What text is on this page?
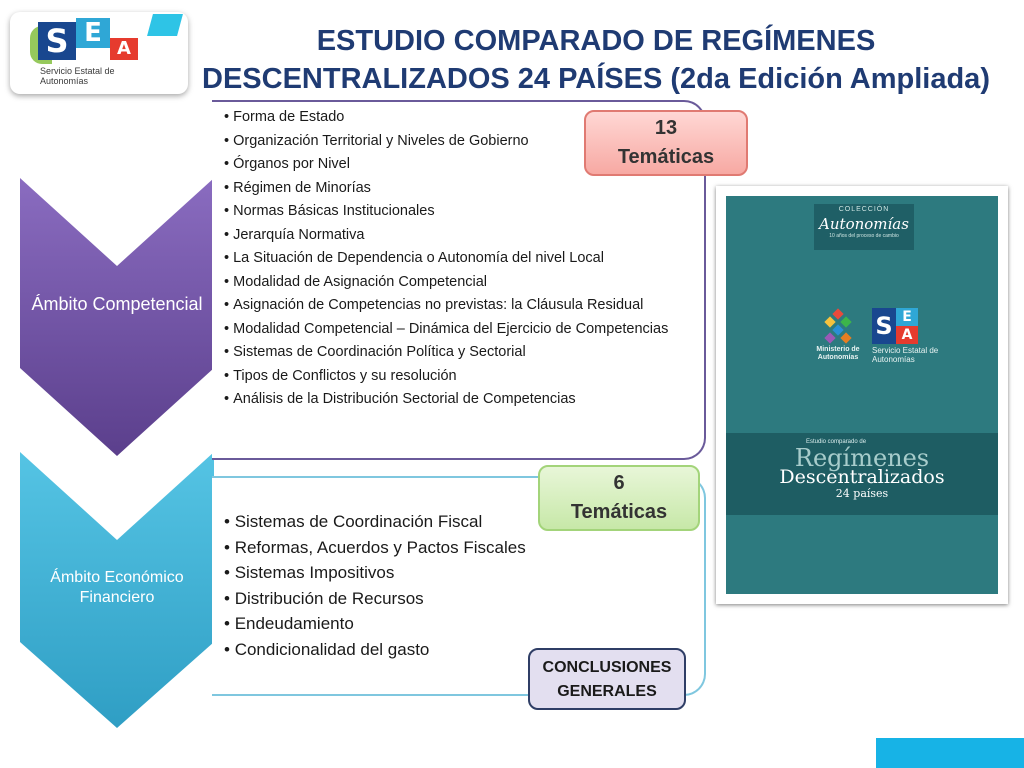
S E
A
Servicio Estatal de Autonomías
ESTUDIO COMPARADO DE REGÍMENES
DESCENTRALIZADOS 24 PAÍSES (2da Edición Ampliada)
Ámbito Competencial
Ámbito Económico Financiero
• Forma de Estado
• Organización Territorial y Niveles de Gobierno
• Órganos por Nivel
• Régimen de Minorías
• Normas Básicas Institucionales
• Jerarquía Normativa
• La Situación de Dependencia o Autonomía del nivel Local
• Modalidad de Asignación Competencial
• Asignación de Competencias no previstas: la Cláusula Residual
• Modalidad Competencial – Dinámica del Ejercicio de Competencias
• Sistemas de Coordinación Política y Sectorial
• Tipos de Conflictos y su resolución
• Análisis de la Distribución Sectorial de Competencias
• Sistemas de Coordinación Fiscal
• Reformas, Acuerdos y Pactos Fiscales
• Sistemas Impositivos
• Distribución de Recursos
• Endeudamiento
• Condicionalidad del gasto
13
Temáticas
6
Temáticas
CONCLUSIONES GENERALES
COLECCIÓN
Autonomías
10 años del proceso de cambio
Ministerio de Autonomías
S E
A
Servicio Estatal de Autonomías
Estudio comparado de
Regímenes
Descentralizados
24 países
